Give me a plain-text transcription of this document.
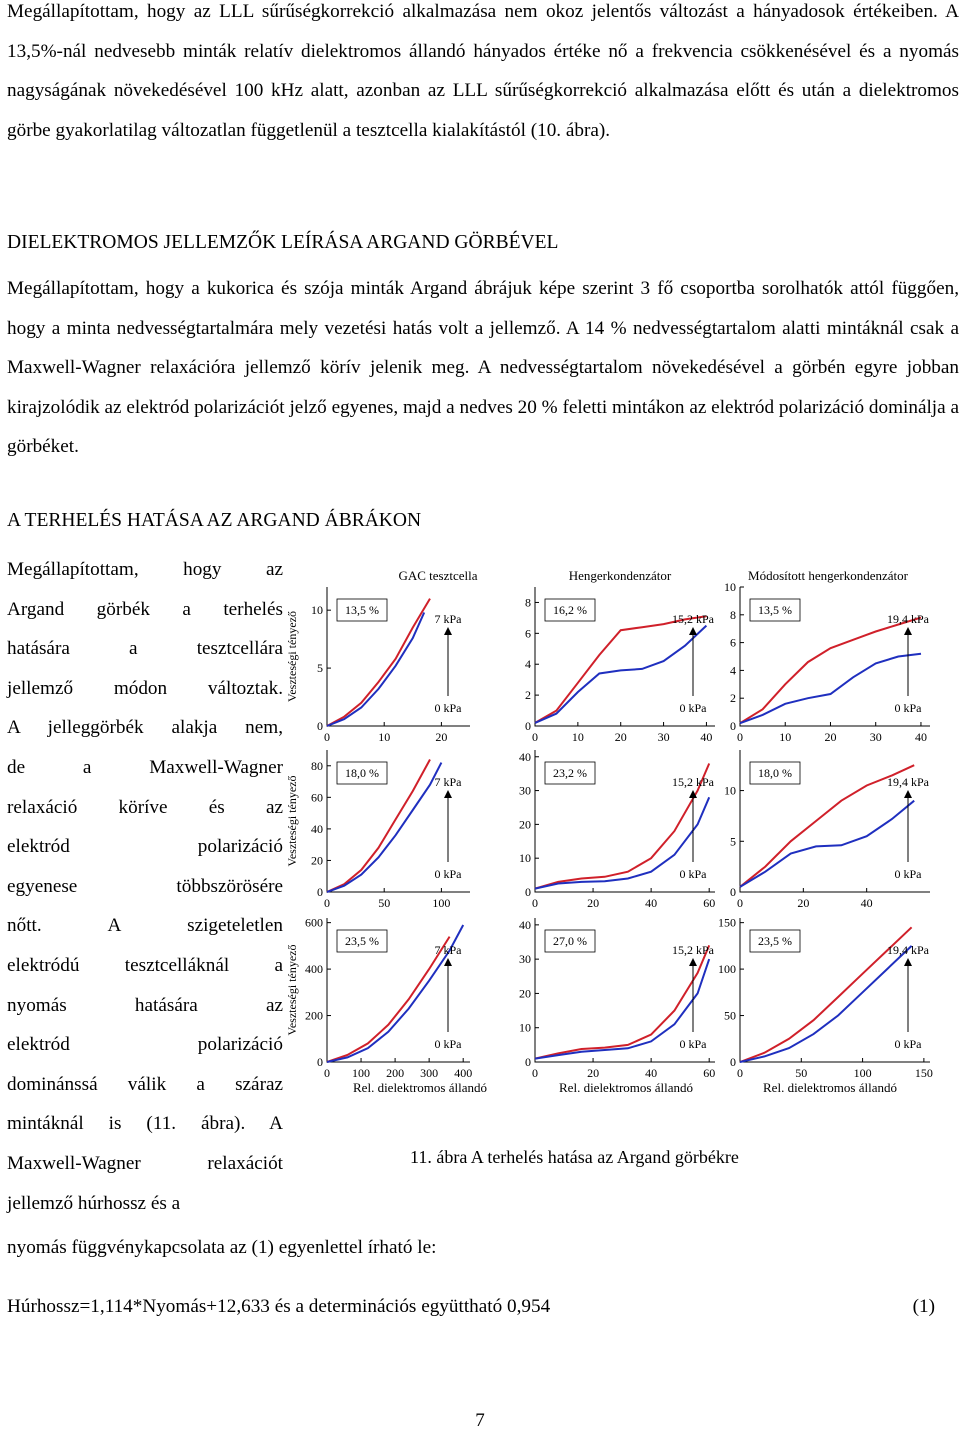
Megállapítottam, hogy az LLL sűrűségkorrekció alkalmazása nem okoz jelentős változást a hányadosok értékeiben. A 13,5%-nál nedvesebb minták relatív dielektromos állandó hányados értéke nő a frekvencia csökkenésével és a nyomás nagyságának növekedésével 100 kHz alatt, azonban az LLL sűrűségkorrekció alkalmazása előtt és után a dielektromos görbe gyakorlatilag változatlan függetlenül a tesztcella kialakítástól (10. ábra).
DIELEKTROMOS JELLEMZŐK LEÍRÁSA ARGAND GÖRBÉVEL
Megállapítottam, hogy a kukorica és szója minták Argand ábrájuk képe szerint 3 fő csoportba sorolhatók attól függően, hogy a minta nedvességtartalmára mely vezetési hatás volt a jellemző. A 14 % nedvességtartalom alatti mintáknál csak a Maxwell-Wagner relaxációra jellemző körív jelenik meg. A nedvességtartalom növekedésével a görbén egyre jobban kirajzolódik az elektród polarizációt jelző egyenes, majd a nedves 20 % feletti mintákon az elektród polarizáció dominálja a görbéket.
A TERHELÉS HATÁSA AZ ARGAND ÁBRÁKON
Megállapítottam, hogy az
Argand görbék a terhelés
hatására a tesztcellára
jellemző módon változtak.
A jelleggörbék alakja nem,
de a Maxwell-Wagner
relaxáció köríve és az
elektród polarizáció
egyenese többszörösére
nőtt. A szigeteletlen
elektródú tesztcelláknál a
nyomás hatására az
elektród polarizáció
dominánssá válik a száraz
mintáknál is (11. ábra). A
Maxwell-Wagner relaxációt
jellemző húrhossz és a
nyomás függvénykapcsolata az (1) egyenlettel írható le:
Húrhossz=1,114*Nyomás+12,633 és a determinációs együttható 0,954	(1)
GAC tesztcella	Hengerkondenzátor	Módosított hengerkondenzátor
Veszteségi tényező
Veszteségi tényező
Veszteségi tényező
Rel. dielektromos állandó	Rel. dielektromos állandó	Rel. dielektromos állandó
0	10	20
0
5
10 13,5 %
7 kPa
0 kPa
0	10	20	30	40
0
2
4
6
8
16,2 %
15,2 kPa
0 kPa
0	10	20	30	40
0
2
4
6
8
10
13,5 %
19,4 kPa
0 kPa
0	50	100
0
20
40
60
80
18,0 %
7 kPa
0 kPa
0	20	40	60
0
10
20
30
40
23,2 %
15,2 kPa
0 kPa
0	20	40
0
5
10
18,0 %
19,4 kPa
0 kPa
0 100 200 300 400
0
200
400
600
23,5 %
7 kPa
0 kPa
0	20	40	60
0
10
20
30
40
27,0 %
15,2 kPa
0 kPa
0	50	100	150
0
50
100
150
23,5 %
19,4 kPa
0 kPa
11. ábra A terhelés hatása az Argand görbékre
7
